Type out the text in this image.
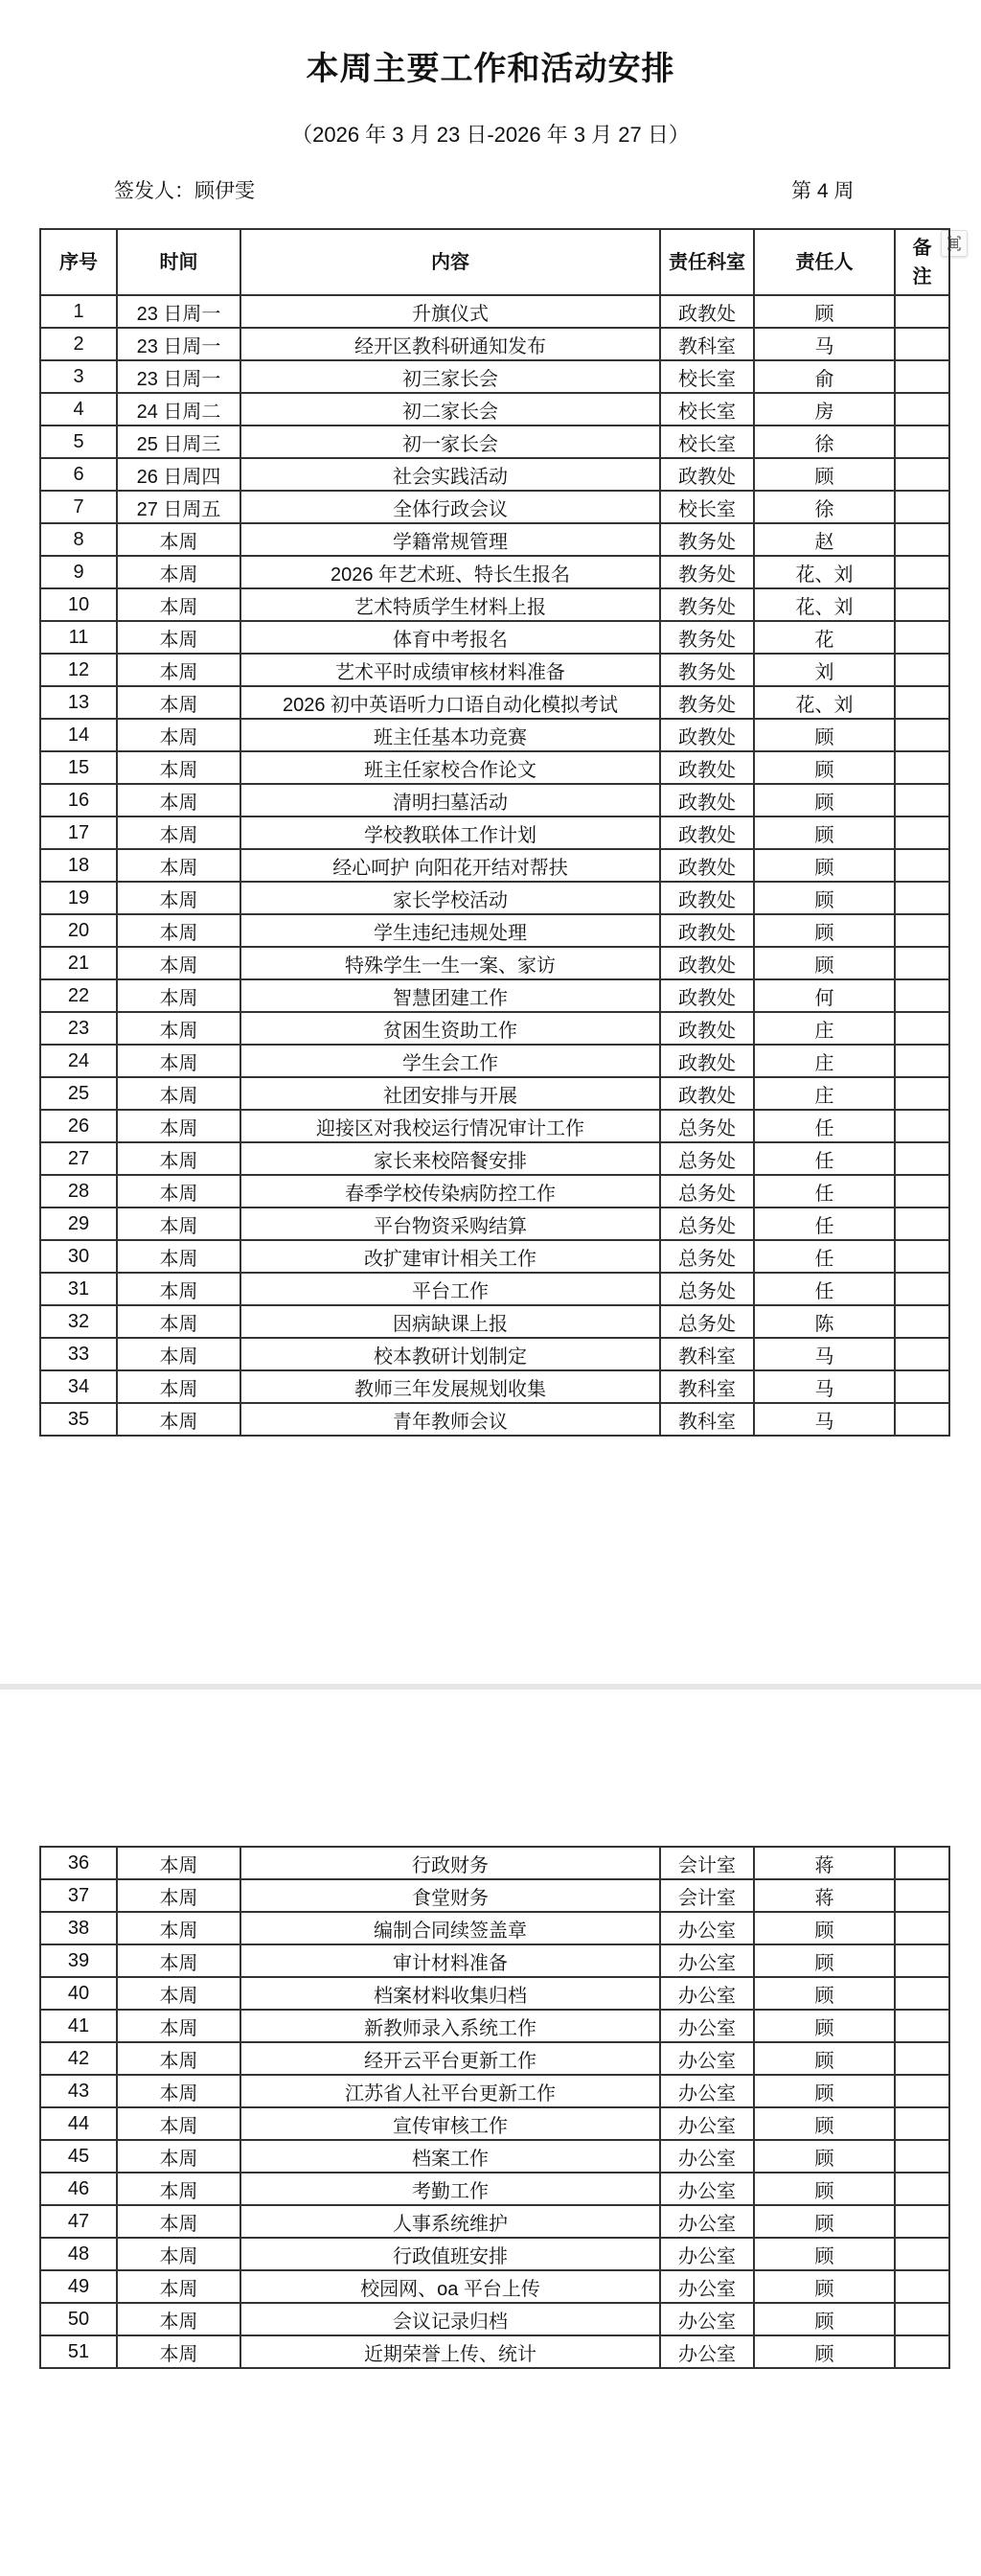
本周主要工作和活动安排
（2026 年 3 月 23 日-2026 年 3 月 27 日）
签发人：顾伊雯	第 4 周
序号	时间	内容	责任科室	责任人	备注
1	23 日周一	升旗仪式	政教处	顾	
2	23 日周一	经开区教科研通知发布	教科室	马	
3	23 日周一	初三家长会	校长室	俞	
4	24 日周二	初二家长会	校长室	房	
5	25 日周三	初一家长会	校长室	徐	
6	26 日周四	社会实践活动	政教处	顾	
7	27 日周五	全体行政会议	校长室	徐	
8	本周	学籍常规管理	教务处	赵	
9	本周	2026 年艺术班、特长生报名	教务处	花、刘	
10	本周	艺术特质学生材料上报	教务处	花、刘	
11	本周	体育中考报名	教务处	花	
12	本周	艺术平时成绩审核材料准备	教务处	刘	
13	本周	2026 初中英语听力口语自动化模拟考试	教务处	花、刘	
14	本周	班主任基本功竞赛	政教处	顾	
15	本周	班主任家校合作论文	政教处	顾	
16	本周	清明扫墓活动	政教处	顾	
17	本周	学校教联体工作计划	政教处	顾	
18	本周	经心呵护 向阳花开结对帮扶	政教处	顾	
19	本周	家长学校活动	政教处	顾	
20	本周	学生违纪违规处理	政教处	顾	
21	本周	特殊学生一生一案、家访	政教处	顾	
22	本周	智慧团建工作	政教处	何	
23	本周	贫困生资助工作	政教处	庄	
24	本周	学生会工作	政教处	庄	
25	本周	社团安排与开展	政教处	庄	
26	本周	迎接区对我校运行情况审计工作	总务处	任	
27	本周	家长来校陪餐安排	总务处	任	
28	本周	春季学校传染病防控工作	总务处	任	
29	本周	平台物资采购结算	总务处	任	
30	本周	改扩建审计相关工作	总务处	任	
31	本周	平台工作	总务处	任	
32	本周	因病缺课上报	总务处	陈	
33	本周	校本教研计划制定	教科室	马	
34	本周	教师三年发展规划收集	教科室	马	
35	本周	青年教师会议	教科室	马	
36	本周	行政财务	会计室	蒋	
37	本周	食堂财务	会计室	蒋	
38	本周	编制合同续签盖章	办公室	顾	
39	本周	审计材料准备	办公室	顾	
40	本周	档案材料收集归档	办公室	顾	
41	本周	新教师录入系统工作	办公室	顾	
42	本周	经开云平台更新工作	办公室	顾	
43	本周	江苏省人社平台更新工作	办公室	顾	
44	本周	宣传审核工作	办公室	顾	
45	本周	档案工作	办公室	顾	
46	本周	考勤工作	办公室	顾	
47	本周	人事系统维护	办公室	顾	
48	本周	行政值班安排	办公室	顾	
49	本周	校园网、oa 平台上传	办公室	顾	
50	本周	会议记录归档	办公室	顾	
51	本周	近期荣誉上传、统计	办公室	顾	
